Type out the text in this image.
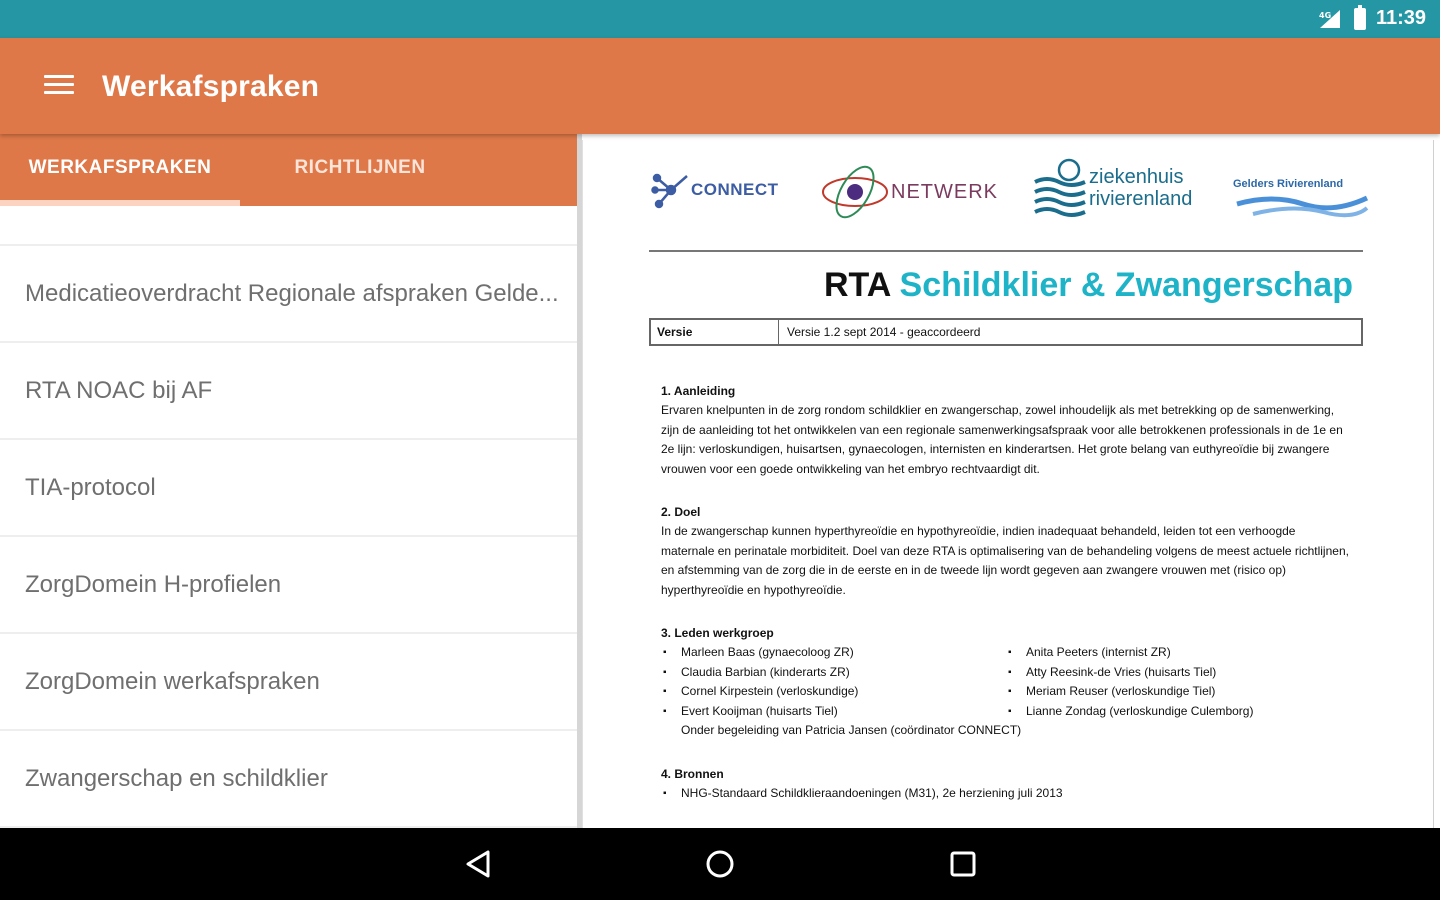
4G 11:39
Werkafspraken
WERKAFSPRAKEN	RICHTLIJNEN
Medicatieoverdracht Regionale afspraken Gelde...
RTA NOAC bij AF
TIA-protocol
ZorgDomein H-profielen
ZorgDomein werkafspraken
Zwangerschap en schildklier
CONNECT	NETWERK
ziekenhuis
rivierenland
Gelders Rivierenland
RTA Schildklier & Zwangerschap
Versie	Versie 1.2 sept 2014 - geaccordeerd
1. Aanleiding
Ervaren knelpunten in de zorg rondom schildklier en zwangerschap, zowel inhoudelijk als met betrekking op de samenwerking, zijn de aanleiding tot het ontwikkelen van een regionale samenwerkingsafspraak voor alle betrokkenen professionals in de 1e en 2e lijn: verloskundigen, huisartsen, gynaecologen, internisten en kinderartsen. Het grote belang van euthyreoïdie bij zwangere vrouwen voor een goede ontwikkeling van het embryo rechtvaardigt dit.
2. Doel
In de zwangerschap kunnen hyperthyreoïdie en hypothyreoïdie, indien inadequaat behandeld, leiden tot een verhoogde maternale en perinatale morbiditeit. Doel van deze RTA is optimalisering van de behandeling volgens de meest actuele richtlijnen, en afstemming van de zorg die in de eerste en in de tweede lijn wordt gegeven aan zwangere vrouwen met (risico op) hyperthyreoïdie en hypothyreoïdie.
3. Leden werkgroep
▪ Marleen Baas (gynaecoloog ZR)
▪ Claudia Barbian (kinderarts ZR)
▪ Cornel Kirpestein (verloskundige)
▪ Evert Kooijman (huisarts Tiel)
▪ Anita Peeters (internist ZR)
▪ Atty Reesink-de Vries (huisarts Tiel)
▪ Meriam Reuser (verloskundige Tiel)
▪ Lianne Zondag (verloskundige Culemborg)
Onder begeleiding van Patricia Jansen (coördinator CONNECT)
4. Bronnen
▪ NHG-Standaard Schildklieraandoeningen (M31), 2e herziening juli 2013
